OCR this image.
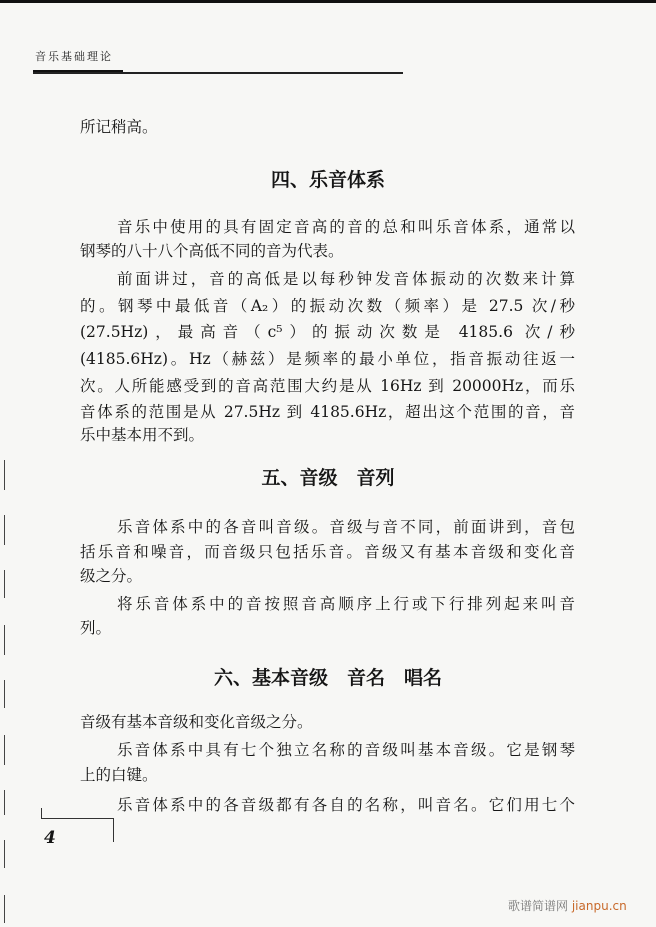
音乐基础理论
所记稍高。
四、乐音体系
音乐中使用的具有固定音高的音的总和叫乐音体系，通常以
钢琴的八十八个高低不同的音为代表。
前面讲过，音的高低是以每秒钟发音体振动的次数来计算
的。钢琴中最低音（A₂）的振动次数（频率）是 27.5 次/秒
(27.5Hz)，最高音（c⁵）的振动次数是 4185.6 次/秒
(4185.6Hz)。Hz（赫兹）是频率的最小单位，指音振动往返一
次。人所能感受到的音高范围大约是从 16Hz 到 20000Hz，而乐
音体系的范围是从 27.5Hz 到 4185.6Hz，超出这个范围的音，音
乐中基本用不到。
五、音级　音列
乐音体系中的各音叫音级。音级与音不同，前面讲到，音包
括乐音和噪音，而音级只包括乐音。音级又有基本音级和变化音
级之分。
将乐音体系中的音按照音高顺序上行或下行排列起来叫音
列。
六、基本音级　音名　唱名
音级有基本音级和变化音级之分。
乐音体系中具有七个独立名称的音级叫基本音级。它是钢琴
上的白键。
乐音体系中的各音级都有各自的名称，叫音名。它们用七个
4
歌谱简谱网 jianpu.cn
